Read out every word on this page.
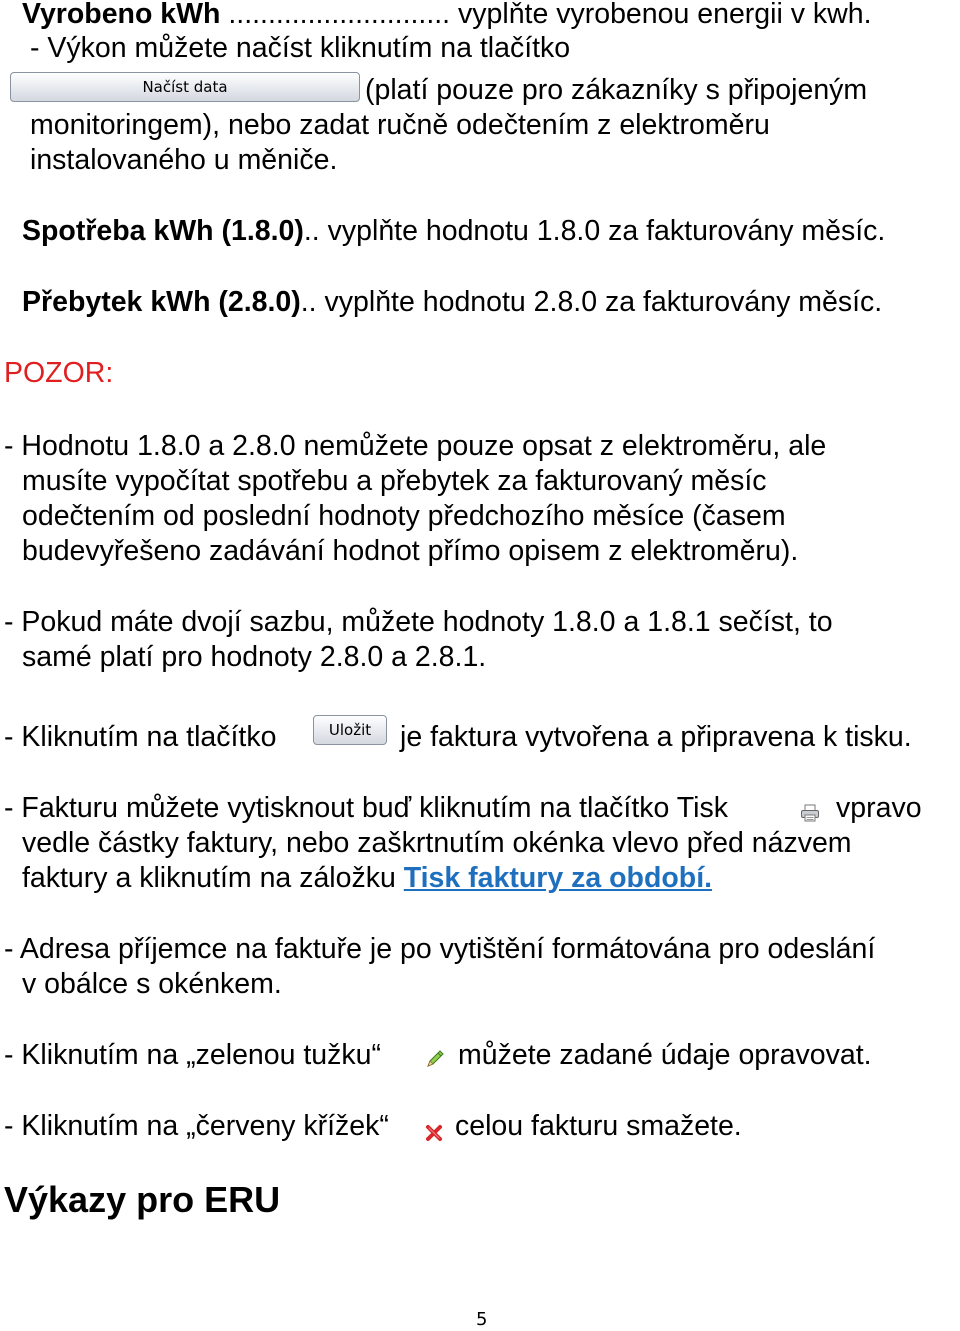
Vyrobeno kWh ............................ vyplňte vyrobenou energii v kwh.
- Výkon můžete načíst kliknutím na tlačítko
Načíst data	(platí pouze pro zákazníky s připojeným
monitoringem), nebo zadat ručně odečtením z elektroměru
instalovaného u měniče.
Spotřeba kWh (1.8.0).. vyplňte hodnotu 1.8.0 za fakturovány měsíc.
Přebytek kWh (2.8.0).. vyplňte hodnotu 2.8.0 za fakturovány měsíc.
POZOR:
- Hodnotu 1.8.0 a 2.8.0 nemůžete pouze opsat z elektroměru, ale
musíte vypočítat spotřebu a přebytek za fakturovaný měsíc
odečtením od poslední hodnoty předchozího měsíce (časem
budevyřešeno zadávání hodnot přímo opisem z elektroměru).
- Pokud máte dvojí sazbu, můžete hodnoty 1.8.0 a 1.8.1 sečíst, to
samé platí pro hodnoty 2.8.0 a 2.8.1.
- Kliknutím na tlačítko	Uložit	je faktura vytvořena a připravena k tisku.
- Fakturu můžete vytisknout buď kliknutím na tlačítko Tisk	vpravo
vedle částky faktury, nebo zaškrtnutím okénka vlevo před názvem
faktury a kliknutím na záložku Tisk faktury za období.
- Adresa příjemce na faktuře je po vytištění formátována pro odeslání
v obálce s okénkem.
- Kliknutím na „zelenou tužku“	můžete zadané údaje opravovat.
- Kliknutím na „červeny křížek“ celou fakturu smažete.
Výkazy pro ERU
5
